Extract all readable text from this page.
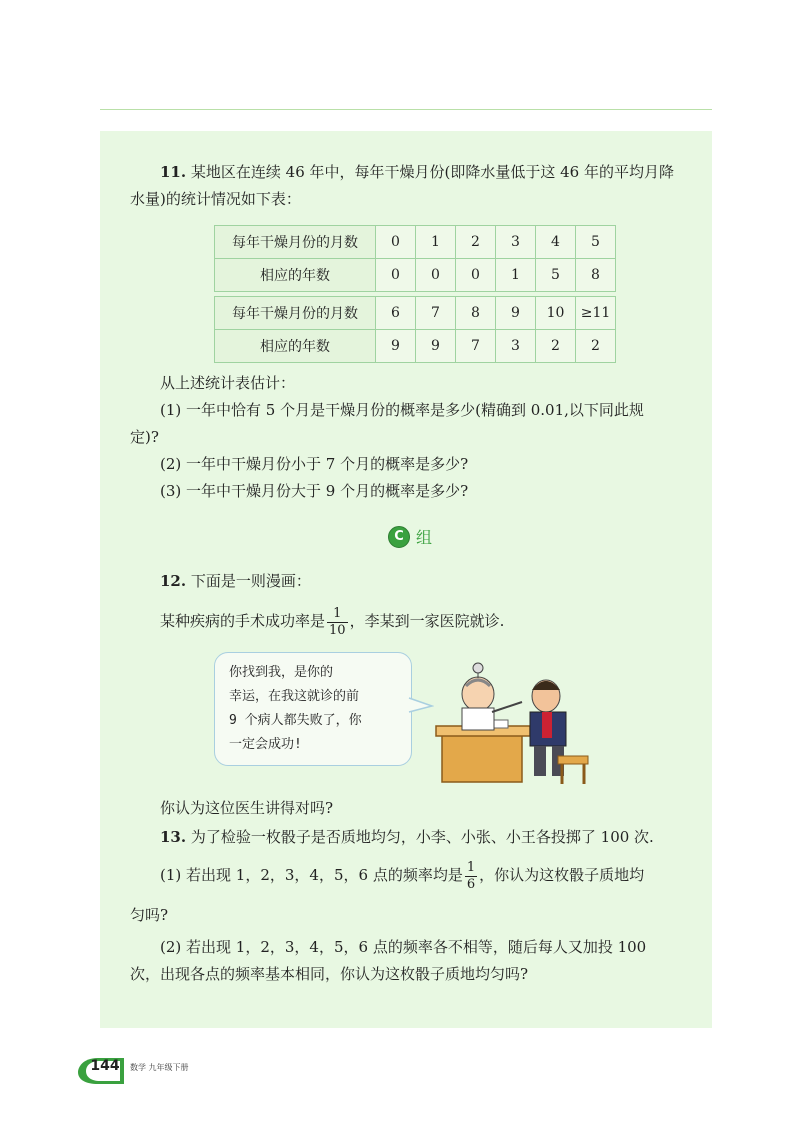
11. 某地区在连续 46 年中，每年干燥月份(即降水量低于这 46 年的平均月降
水量)的统计情况如下表：
每年干燥月份的月数	0	1	2	3	4	5
相应的年数	0	0	0	1	5	8
每年干燥月份的月数	6	7	8	9	10	≥11
相应的年数	9	9	7	3	2	2
从上述统计表估计：
(1) 一年中恰有 5 个月是干燥月份的概率是多少(精确到 0.01,以下同此规
定)?
(2) 一年中干燥月份小于 7 个月的概率是多少?
(3) 一年中干燥月份大于 9 个月的概率是多少?
C 组
12. 下面是一则漫画：
某种疾病的手术成功率是 $\frac{1}{10}$ ，李某到一家医院就诊.
你找到我，是你的
幸运，在我这就诊的前
9 个病人都失败了，你
一定会成功!
你认为这位医生讲得对吗?
13. 为了检验一枚骰子是否质地均匀，小李、小张、小王各投掷了 100 次.
(1) 若出现 1，2，3，4，5，6 点的频率均是 $\frac{1}{6}$ ，你认为这枚骰子质地均
匀吗?
(2) 若出现 1，2，3，4，5，6 点的频率各不相等，随后每人又加投 100
次，出现各点的频率基本相同，你认为这枚骰子质地均匀吗?
144 数学 九年级下册
